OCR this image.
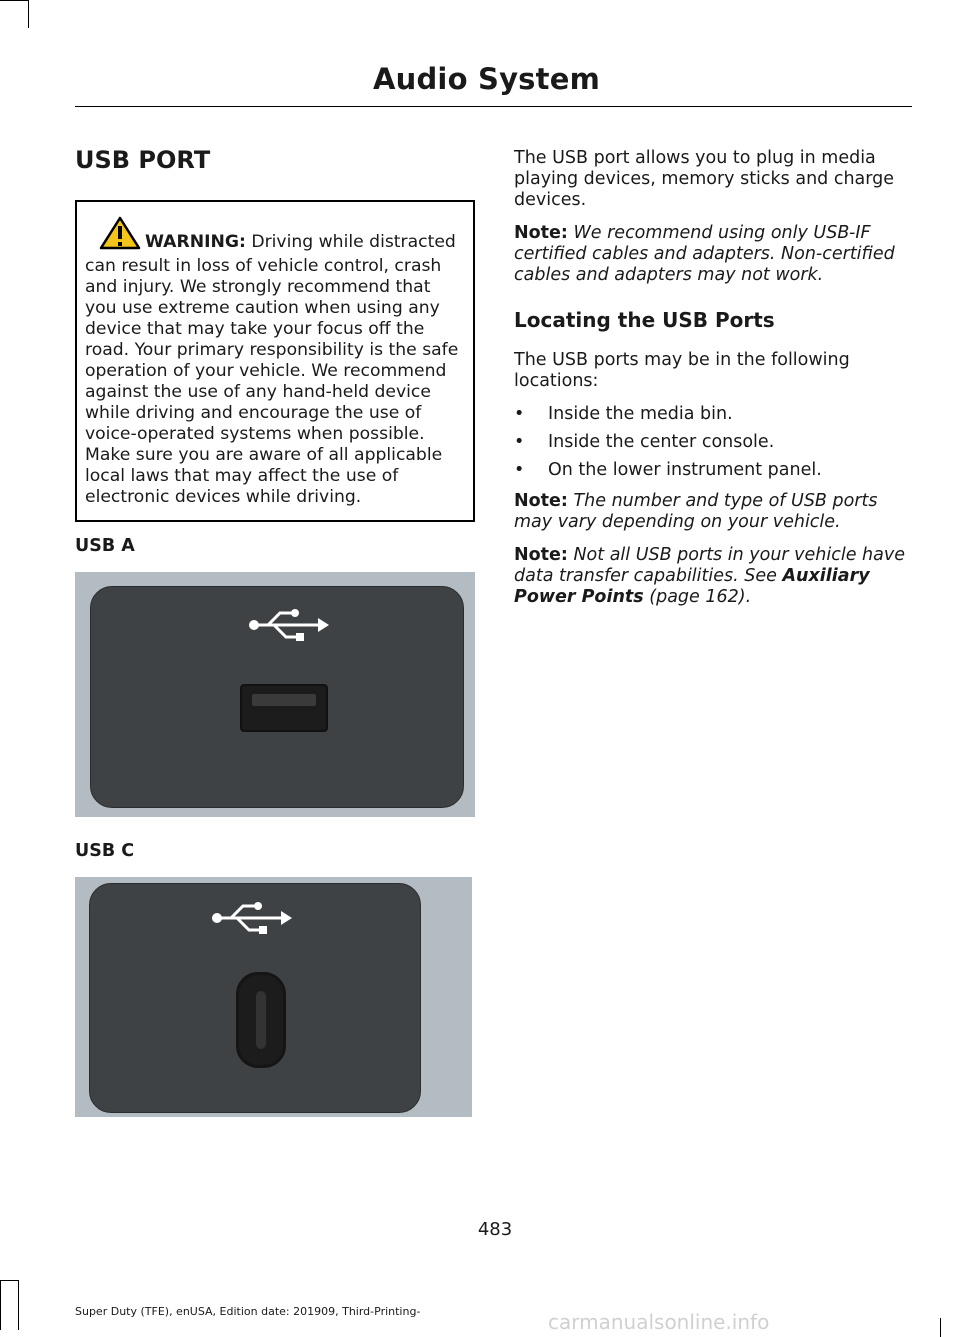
Audio System
USB PORT
WARNING: Driving while distracted can result in loss of vehicle control, crash and injury. We strongly recommend that you use extreme caution when using any device that may take your focus off the road. Your primary responsibility is the safe operation of your vehicle. We recommend against the use of any hand-held device while driving and encourage the use of voice-operated systems when possible. Make sure you are aware of all applicable local laws that may affect the use of electronic devices while driving.

USB A

USB C

The USB port allows you to plug in media playing devices, memory sticks and charge devices.

Note: We recommend using only USB-IF certified cables and adapters. Non-certified cables and adapters may not work.

Locating the USB Ports

The USB ports may be in the following locations:

• Inside the media bin.
• Inside the center console.
• On the lower instrument panel.

Note: The number and type of USB ports may vary depending on your vehicle.

Note: Not all USB ports in your vehicle have data transfer capabilities. See Auxiliary Power Points (page 162).

483
Super Duty (TFE), enUSA, Edition date: 201909, Third-Printing-	carmanualsonline.info
